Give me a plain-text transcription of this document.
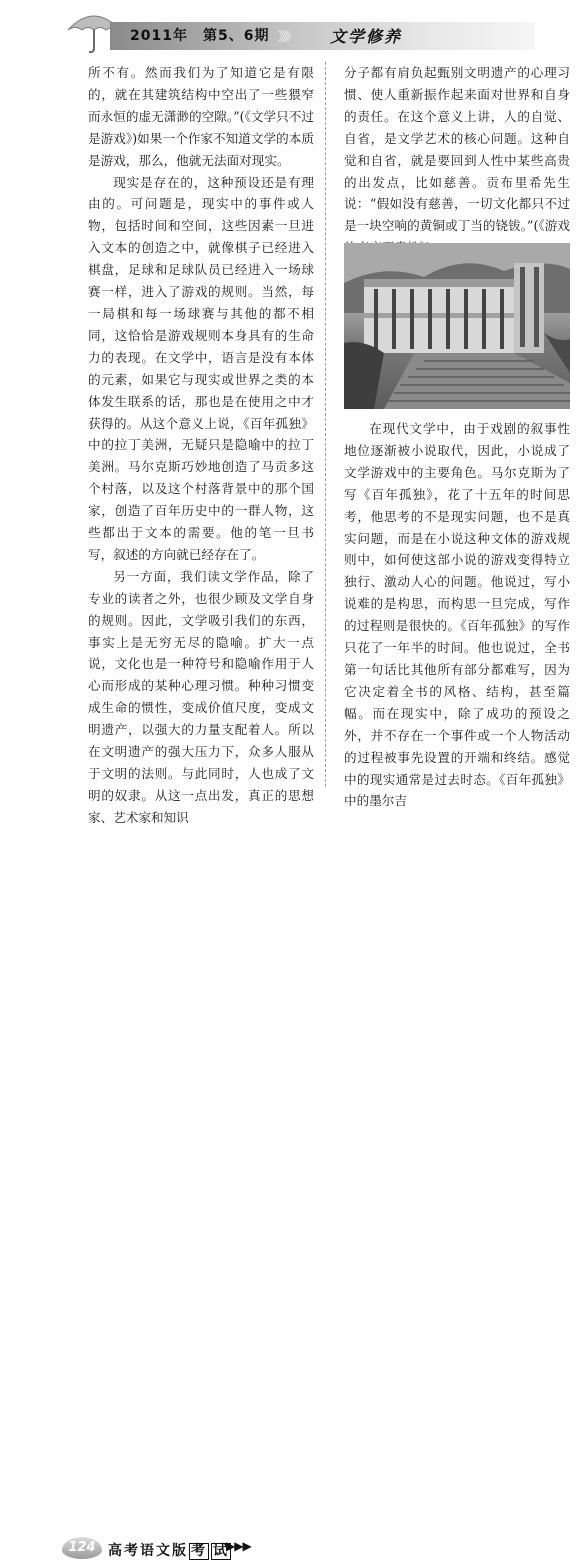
2011年　第5、6期 》》》 文学修养

所不有。然而我们为了知道它是有限的，就在其建筑结构中空出了一些猥窄而永恒的虚无潇渺的空隙。”(《文学只不过是游戏》)如果一个作家不知道文学的本质是游戏，那么，他就无法面对现实。

现实是存在的，这种预设还是有理由的。可问题是，现实中的事件或人物，包括时间和空间，这些因素一旦进入文本的创造之中，就像棋子已经进入棋盘，足球和足球队员已经进入一场球赛一样，进入了游戏的规则。当然，每一局棋和每一场球赛与其他的都不相同，这恰恰是游戏规则本身具有的生命力的表现。在文学中，语言是没有本体的元素，如果它与现实或世界之类的本体发生联系的话，那也是在使用之中才获得的。从这个意义上说，《百年孤独》中的拉丁美洲，无疑只是隐喻中的拉丁美洲。马尔克斯巧妙地创造了马贡多这个村落，以及这个村落背景中的那个国家，创造了百年历史中的一群人物，这些都出于文本的需要。他的笔一旦书写，叙述的方向就已经存在了。

另一方面，我们读文学作品，除了专业的读者之外，也很少顾及文学自身的规则。因此，文学吸引我们的东西，事实上是无穷无尽的隐喻。扩大一点说，文化也是一种符号和隐喻作用于人心而形成的某种心理习惯。种种习惯变成生命的惯性，变成价值尺度，变成文明遗产，以强大的力量支配着人。所以在文明遗产的强大压力下，众多人服从于文明的法则。与此同时，人也成了文明的奴隶。从这一点出发，真正的思想家、艺术家和知识

分子都有肩负起甄别文明遗产的心理习惯、使人重新振作起来面对世界和自身的责任。在这个意义上讲，人的自觉、自省，是文学艺术的核心问题。这种自觉和自省，就是要回到人性中某些高贵的出发点，比如慈善。贡布里希先生说：“假如没有慈善，一切文化都只不过是一块空响的黄铜或丁当的铙钹。”(《游戏

在现代文学中，由于戏剧的叙事性地位逐渐被小说取代，因此，小说成了文学游戏中的主要角色。马尔克斯为了写《百年孤独》，花了十五年的时间思考，他思考的不是现实问题，也不是真实问题，而是在小说这种文体的游戏规则中，如何使这部小说的游戏变得特立独行、激动人心的问题。他说过，写小说难的是构思，而构思一旦完成，写作的过程则是很快的。《百年孤独》的写作只花了一年半的时间。他也说过，全书第一句话比其他所有部分都难写，因为它决定着全书的风格、结构，甚至篇幅。而在现实中，除了成功的预设之外，并不存在一个事件或一个人物活动的过程被事先设置的开端和终结。感觉中的现实通常是过去时态。《百年孤独》中的墨尔吉

124 高考语文版 考 试
▶▶▶
